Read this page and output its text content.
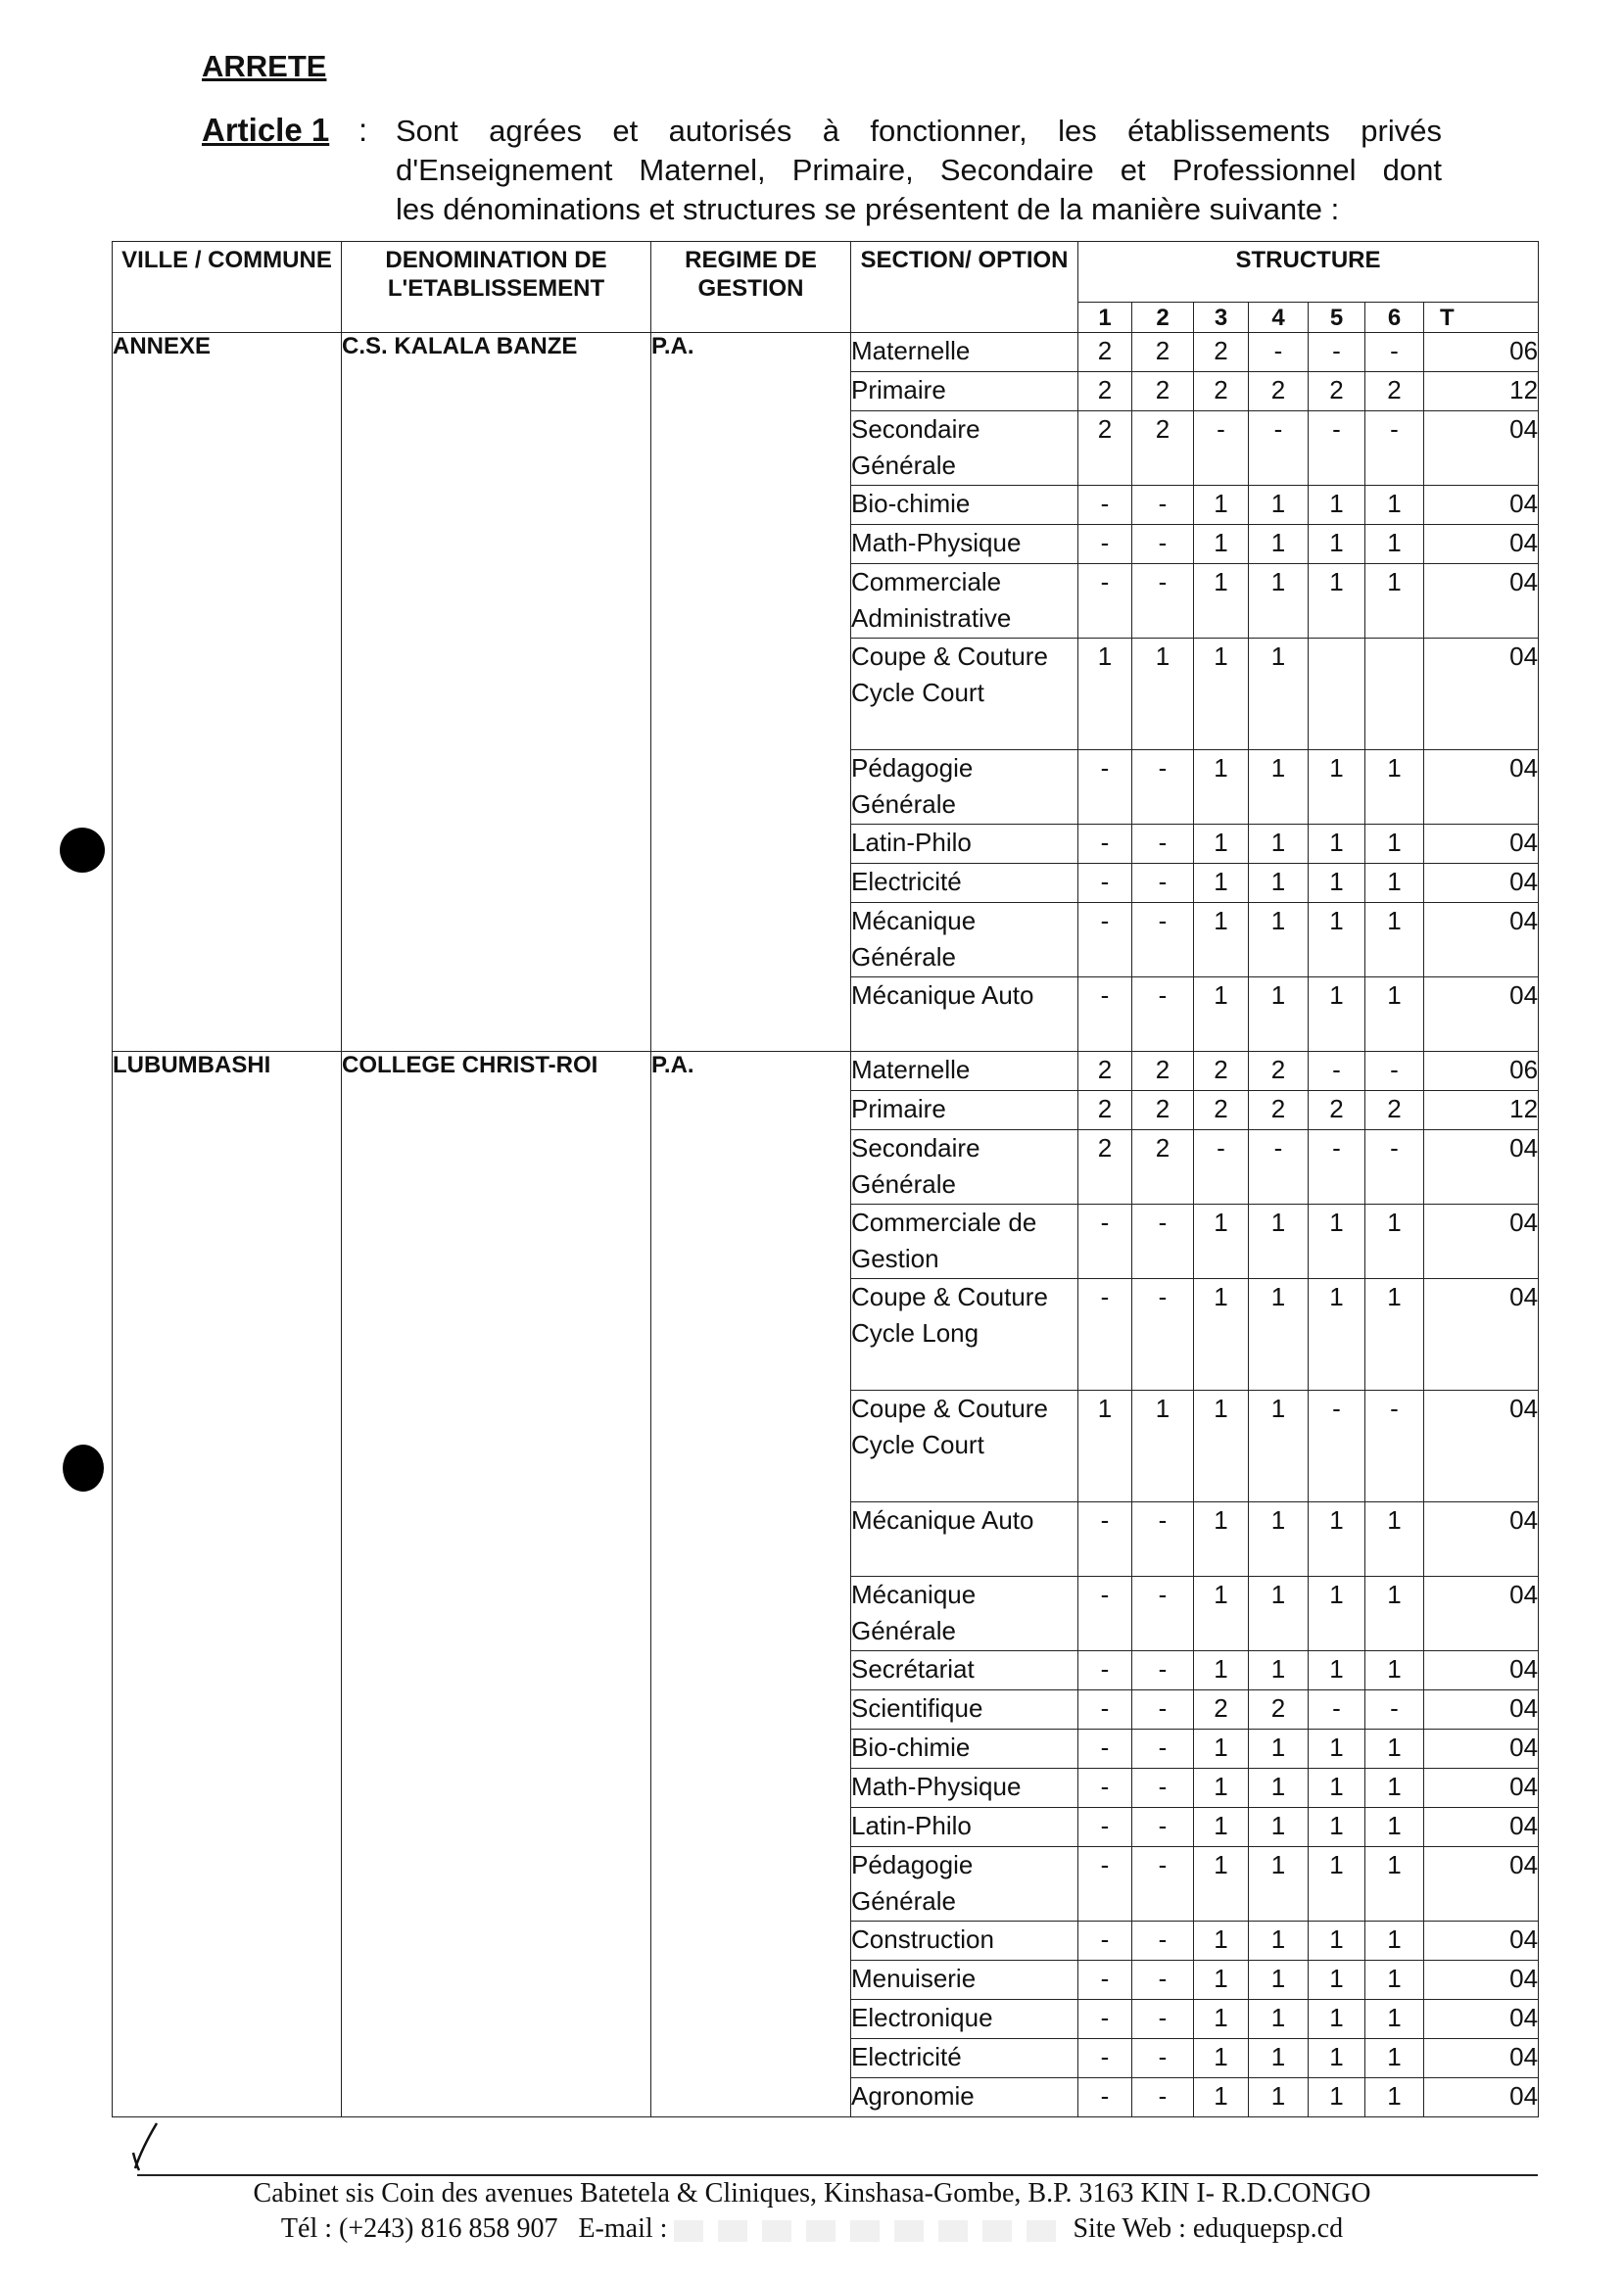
ARRETE
Article 1 : Sont agrées et autorisés à fonctionner, les établissements privés
d'Enseignement Maternel, Primaire, Secondaire et Professionnel dont
les dénominations et structures se présentent de la manière suivante :
VILLE / COMMUNE	DENOMINATION DE L'ETABLISSEMENT	REGIME DE GESTION	SECTION/ OPTION	STRUCTURE						
				1	2	3	4	5	6	T
ANNEXE	C.S. KALALA BANZE	P.A.	Maternelle	2	2	2	-	-	-	06
			Primaire	2	2	2	2	2	2	12
			Secondaire Générale	2	2	-	-	-	-	04
			Bio-chimie	-	-	1	1	1	1	04
			Math-Physique	-	-	1	1	1	1	04
			Commerciale Administrative	-	-	1	1	1	1	04
			Coupe & Couture Cycle Court	1	1	1	1			04
			Pédagogie Générale	-	-	1	1	1	1	04
			Latin-Philo	-	-	1	1	1	1	04
			Electricité	-	-	1	1	1	1	04
			Mécanique Générale	-	-	1	1	1	1	04
			Mécanique Auto	-	-	1	1	1	1	04
LUBUMBASHI	COLLEGE CHRIST-ROI	P.A.	Maternelle	2	2	2	2	-	-	06
			Primaire	2	2	2	2	2	2	12
			Secondaire Générale	2	2	-	-	-	-	04
			Commerciale de Gestion	-	-	1	1	1	1	04
			Coupe & Couture Cycle Long	-	-	1	1	1	1	04
			Coupe & Couture Cycle Court	1	1	1	1	-	-	04
			Mécanique Auto	-	-	1	1	1	1	04
			Mécanique Générale	-	-	1	1	1	1	04
			Secrétariat	-	-	1	1	1	1	04
			Scientifique	-	-	2	2	-	-	04
			Bio-chimie	-	-	1	1	1	1	04
			Math-Physique	-	-	1	1	1	1	04
			Latin-Philo	-	-	1	1	1	1	04
			Pédagogie Générale	-	-	1	1	1	1	04
			Construction	-	-	1	1	1	1	04
			Menuiserie	-	-	1	1	1	1	04
			Electronique	-	-	1	1	1	1	04
			Electricité	-	-	1	1	1	1	04
			Agronomie	-	-	1	1	1	1	04
Cabinet sis Coin des avenues Batetela & Cliniques, Kinshasa-Gombe, B.P. 3163 KIN I- R.D.CONGO
Tél : (+243) 816 858 907 E-mail :	Site Web : eduquepsp.cd
